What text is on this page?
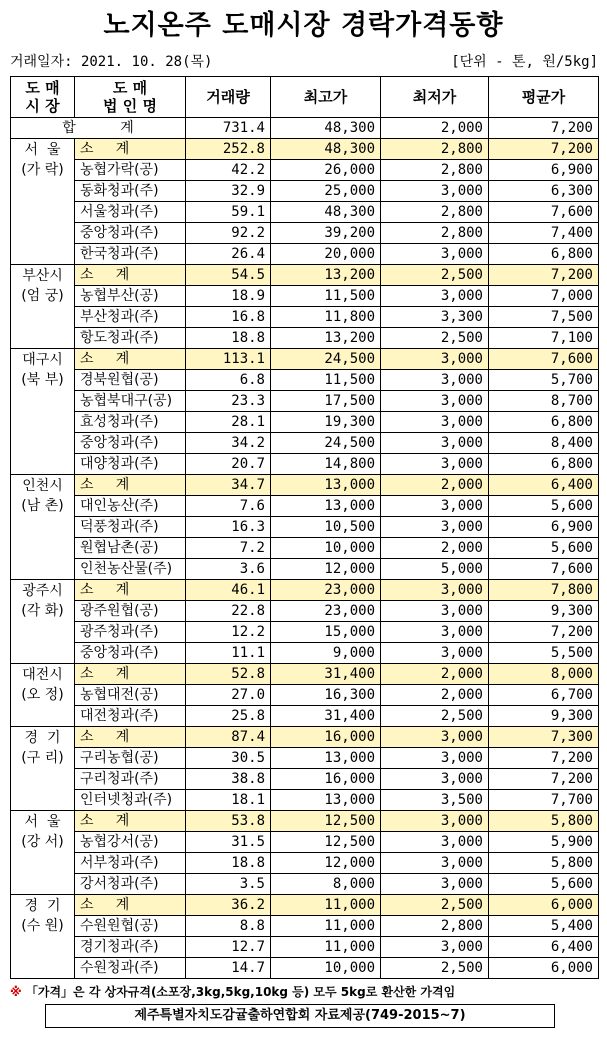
노지온주 도매시장 경락가격동향
거래일자: 2021. 10. 28(목)	[단위 - 톤, 원/5kg]
도 매
시 장	도 매
법 인 명	거래량	최고가	최저가	평균가
합          계		731.4	48,300	2,000	7,200

서  울
(가 락)	소     계	252.8	48,300	2,800	7,200
	농협가락(공)	42.2	26,000	2,800	6,900
	동화청과(주)	32.9	25,000	3,000	6,300
	서울청과(주)	59.1	48,300	2,800	7,600
	중앙청과(주)	92.2	39,200	2,800	7,400
	한국청과(주)	26.4	20,000	3,000	6,800

부산시
(엄 궁)	소     계	54.5	13,200	2,500	7,200
	농협부산(공)	18.9	11,500	3,000	7,000
	부산청과(주)	16.8	11,800	3,300	7,500
	항도청과(주)	18.8	13,200	2,500	7,100

대구시
(북 부)	소     계	113.1	24,500	3,000	7,600
	경북원협(공)	6.8	11,500	3,000	5,700
	농협북대구(공)	23.3	17,500	3,000	8,700
	효성청과(주)	28.1	19,300	3,000	6,800
	중앙청과(주)	34.2	24,500	3,000	8,400
	대양청과(주)	20.7	14,800	3,000	6,800

인천시
(남 촌)	소     계	34.7	13,000	2,000	6,400
	대인농산(주)	7.6	13,000	3,000	5,600
	덕풍청과(주)	16.3	10,500	3,000	6,900
	원협남촌(공)	7.2	10,000	2,000	5,600
	인천농산물(주)	3.6	12,000	5,000	7,600

광주시
(각 화)	소     계	46.1	23,000	3,000	7,800
	광주원협(공)	22.8	23,000	3,000	9,300
	광주청과(주)	12.2	15,000	3,000	7,200
	중앙청과(주)	11.1	9,000	3,000	5,500

대전시
(오 정)	소     계	52.8	31,400	2,000	8,000
	농협대전(공)	27.0	16,300	2,000	6,700
	대전청과(주)	25.8	31,400	2,500	9,300

경  기
(구 리)	소     계	87.4	16,000	3,000	7,300
	구리농협(공)	30.5	13,000	3,000	7,200
	구리청과(주)	38.8	16,000	3,000	7,200
	인터넷청과(주)	18.1	13,000	3,500	7,700

서  울
(강 서)	소     계	53.8	12,500	3,000	5,800
	농협강서(공)	31.5	12,500	3,000	5,900
	서부청과(주)	18.8	12,000	3,000	5,800
	강서청과(주)	3.5	8,000	3,000	5,600

경  기
(수 원)	소     계	36.2	11,000	2,500	6,000
	수원원협(공)	8.8	11,000	2,800	5,400
	경기청과(주)	12.7	11,000	3,000	6,400
	수원청과(주)	14.7	10,000	2,500	6,000
※ 「가격」은 각 상자규격(소포장,3kg,5kg,10kg 등) 모두 5kg로 환산한 가격임
제주특별자치도감귤출하연합회 자료제공(749-2015~7)
